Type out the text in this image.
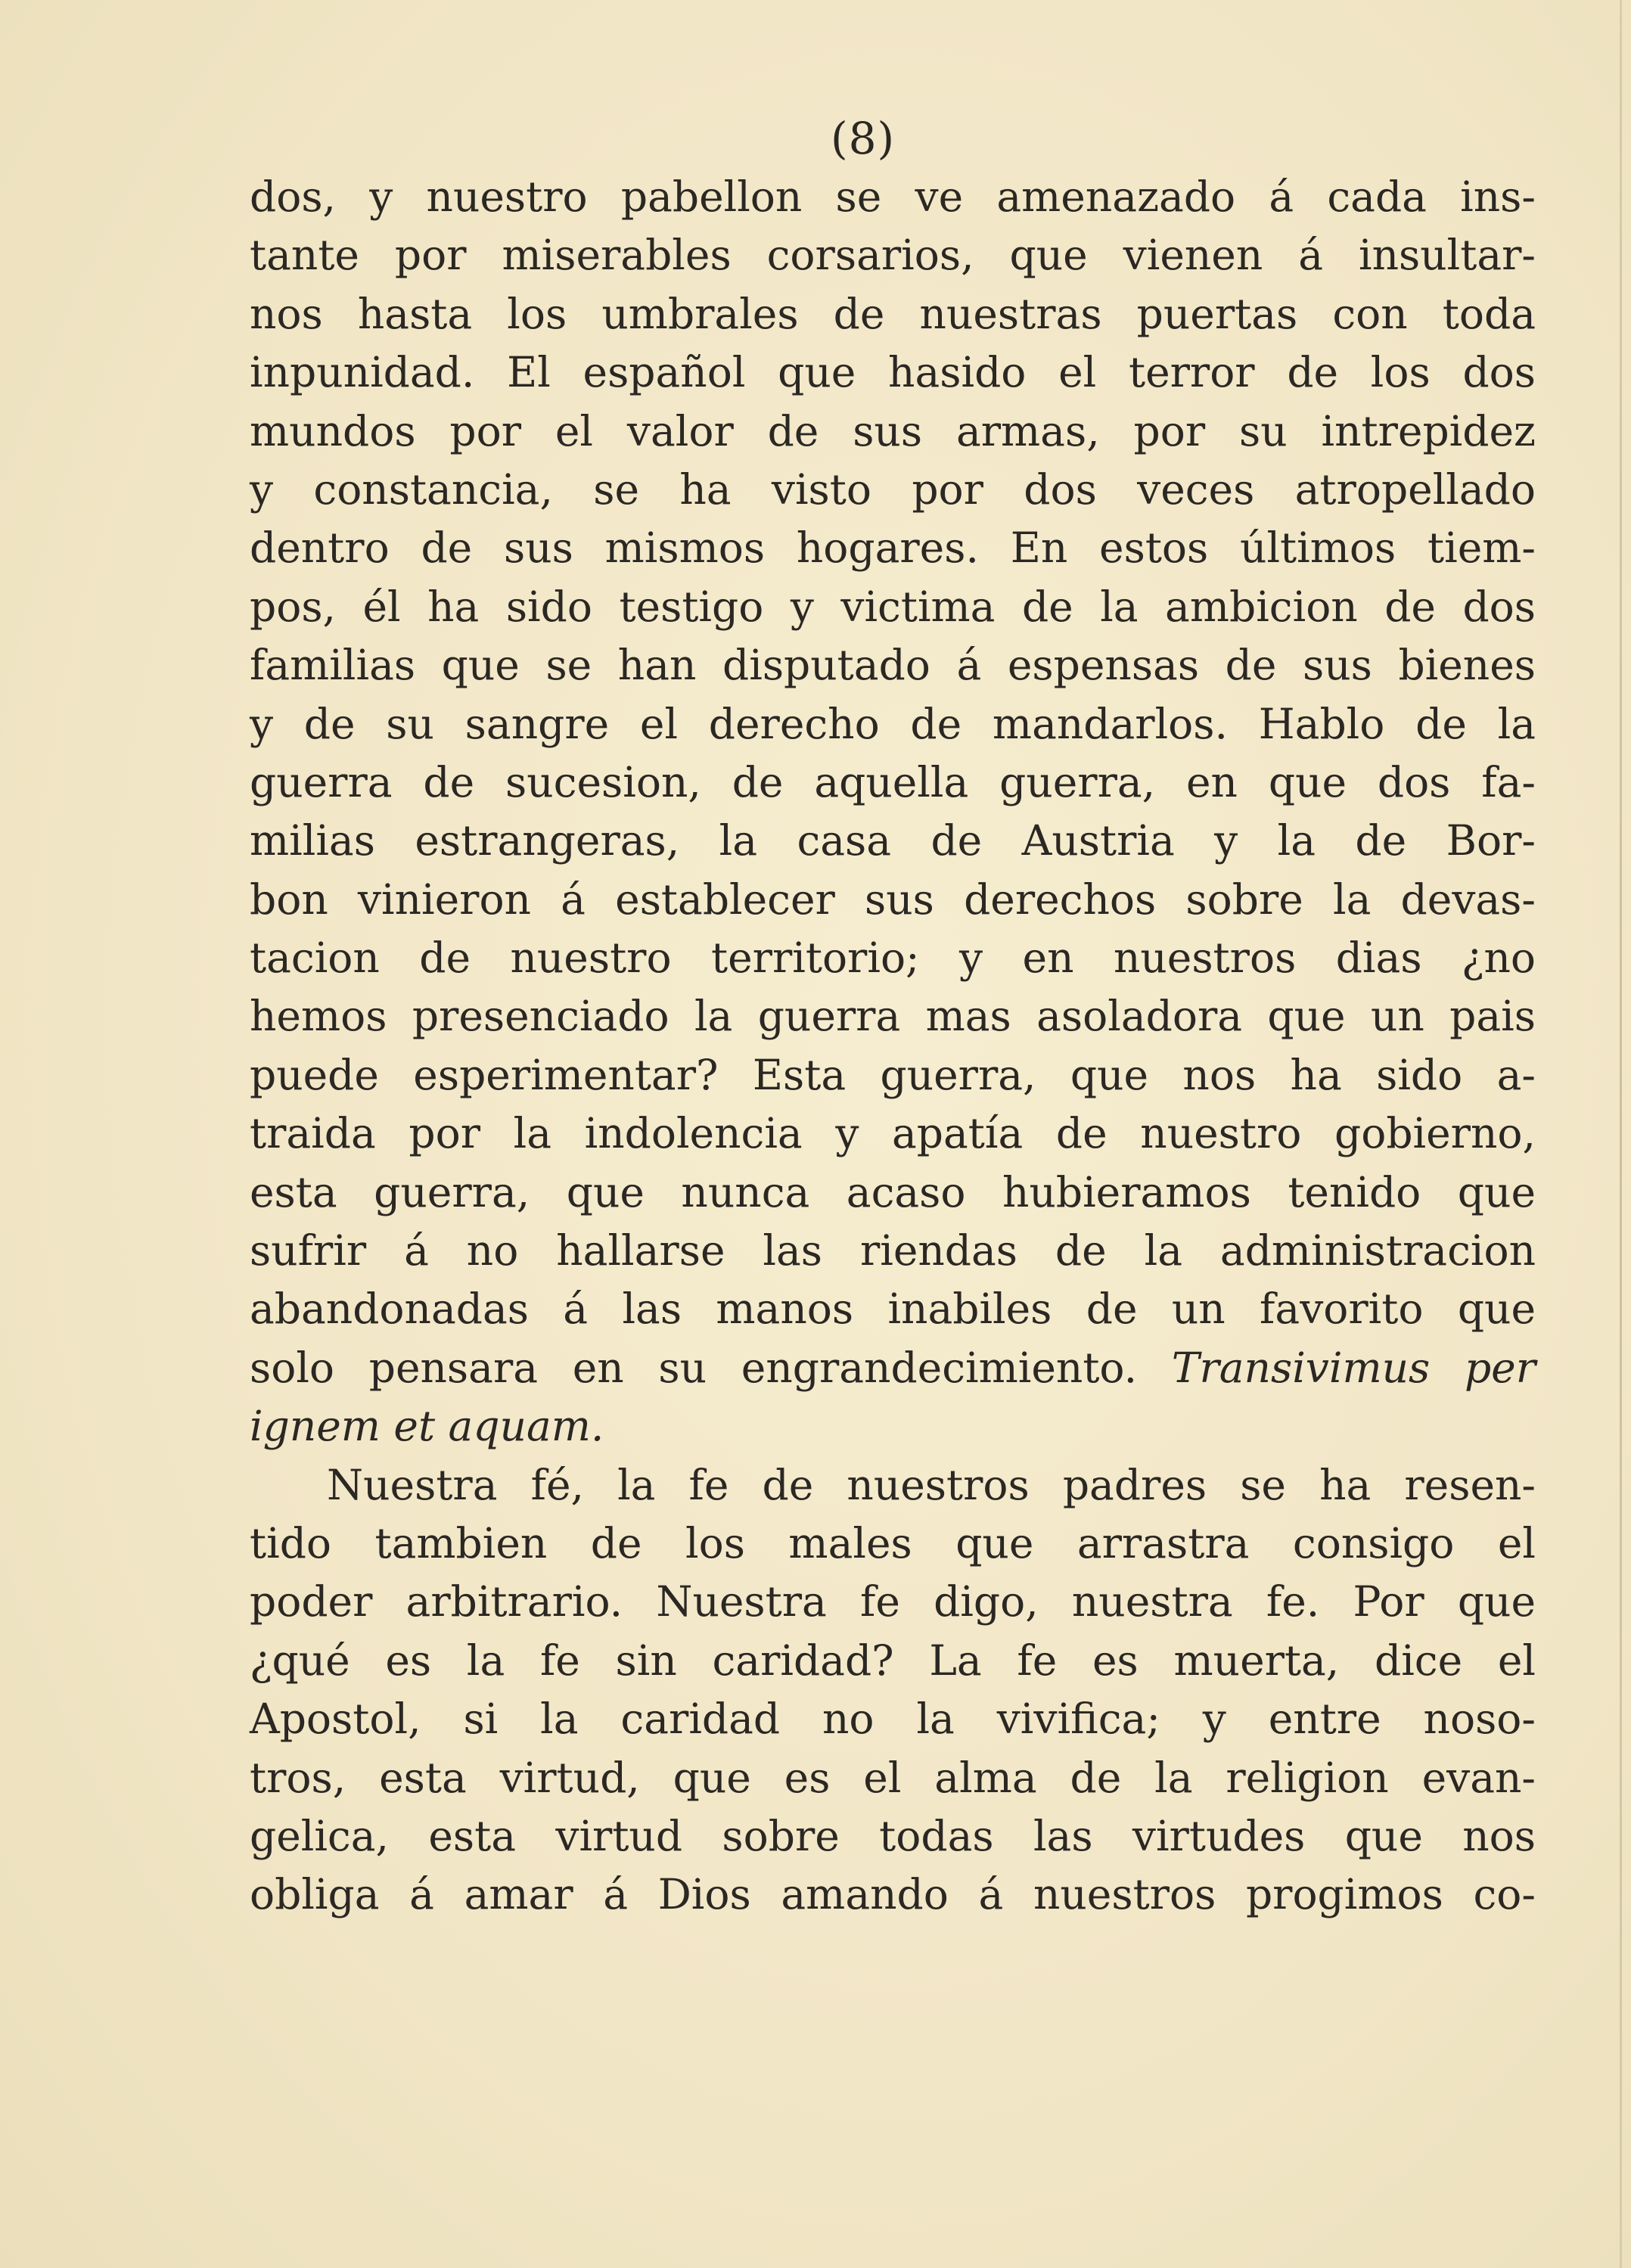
(8)
dos, y nuestro pabellon se ve amenazado á cada ins-
tante por miserables corsarios, que vienen á insultar-
nos hasta los umbrales de nuestras puertas con toda
inpunidad. El español que hasido el terror de los dos
mundos por el valor de sus armas, por su intrepidez
y constancia, se ha visto por dos veces atropellado
dentro de sus mismos hogares. En estos últimos tiem-
pos, él ha sido testigo y victima de la ambicion de dos
familias que se han disputado á espensas de sus bienes
y de su sangre el derecho de mandarlos. Hablo de la
guerra de sucesion, de aquella guerra, en que dos fa-
milias estrangeras, la casa de Austria y la de Bor-
bon vinieron á establecer sus derechos sobre la devas-
tacion de nuestro territorio; y en nuestros dias ¿no
hemos presenciado la guerra mas asoladora que un pais
puede esperimentar? Esta guerra, que nos ha sido a-
traida por la indolencia y apatía de nuestro gobierno,
esta guerra, que nunca acaso hubieramos tenido que
sufrir á no hallarse las riendas de la administracion
abandonadas á las manos inabiles de un favorito que
solo pensara en su engrandecimiento. Transivimus per
ignem et aquam.
Nuestra fé, la fe de nuestros padres se ha resen-
tido tambien de los males que arrastra consigo el
poder arbitrario. Nuestra fe digo, nuestra fe. Por que
¿qué es la fe sin caridad? La fe es muerta, dice el
Apostol, si la caridad no la vivifica; y entre noso-
tros, esta virtud, que es el alma de la religion evan-
gelica, esta virtud sobre todas las virtudes que nos
obliga á amar á Dios amando á nuestros progimos co-
